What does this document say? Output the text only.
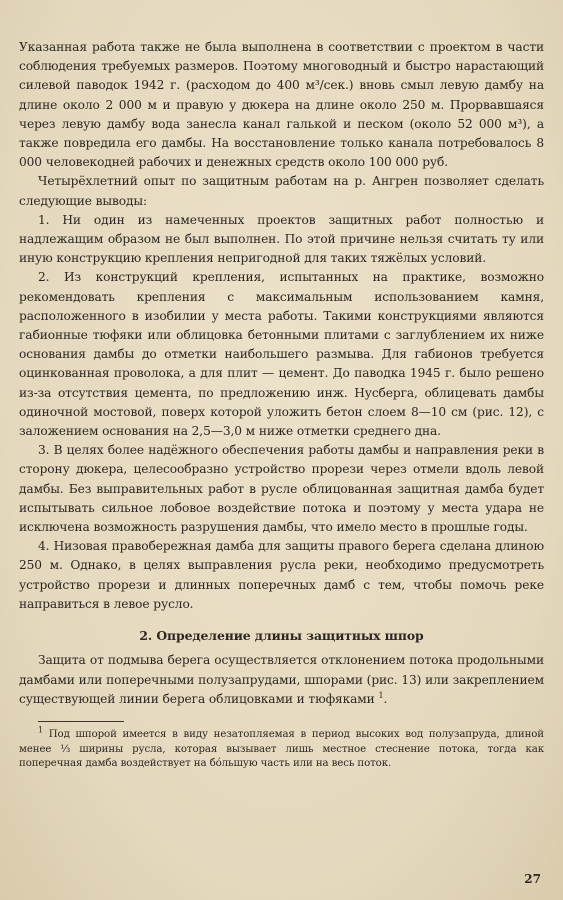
Указанная работа также не была выполнена в соответствии с проектом в части соблюдения требуемых размеров. Поэтому многоводный и быстро нарастающий силевой паводок 1942 г. (расходом до 400 м³/сек.) вновь смыл левую дамбу на длине около 2 000 м и правую у дюкера на длине около 250 м. Прорвавшаяся через левую дамбу вода занесла канал галькой и песком (около 52 000 м³), а также повредила его дамбы. На восстановление только канала потребовалось 8 000 человекодней рабочих и денежных средств около 100 000 руб.

Четырёхлетний опыт по защитным работам на р. Ангрен позволяет сделать следующие выводы:

1. Ни один из намеченных проектов защитных работ полностью и надлежащим образом не был выполнен. По этой причине нельзя считать ту или иную конструкцию крепления непригодной для таких тяжёлых условий.

2. Из конструкций крепления, испытанных на практике, возможно рекомендовать крепления с максимальным использованием камня, расположенного в изобилии у места работы. Такими конструкциями являются габионные тюфяки или облицовка бетонными плитами с заглублением их ниже основания дамбы до отметки наибольшего размыва. Для габионов требуется оцинкованная проволока, а для плит — цемент. До паводка 1945 г. было решено из-за отсутствия цемента, по предложению инж. Нусберга, облицевать дамбы одиночной мостовой, поверх которой уложить бетон слоем 8—10 см (рис. 12), с заложением основания на 2,5—3,0 м ниже отметки среднего дна.

3. В целях более надёжного обеспечения работы дамбы и направления реки в сторону дюкера, целесообразно устройство прорези через отмели вдоль левой дамбы. Без выправительных работ в русле облицованная защитная дамба будет испытывать сильное лобовое воздействие потока и поэтому у места удара не исключена возможность разрушения дамбы, что имело место в прошлые годы.

4. Низовая правобережная дамба для защиты правого берега сделана длиною 250 м. Однако, в целях выправления русла реки, необходимо предусмотреть устройство прорези и длинных поперечных дамб с тем, чтобы помочь реке направиться в левое русло.

2. Определение длины защитных шпор

Защита от подмыва берега осуществляется отклонением потока продольными дамбами или поперечными полузапрудами, шпорами (рис. 13) или закреплением существующей линии берега облицовками и тюфяками $^1$.

$^1$ Под шпорой имеется в виду незатопляемая в период высоких вод полузапруда, длиной менее ⅓ ширины русла, которая вызывает лишь местное стеснение потока, тогда как поперечная дамба воздействует на бо́льшую часть или на весь поток.

27
